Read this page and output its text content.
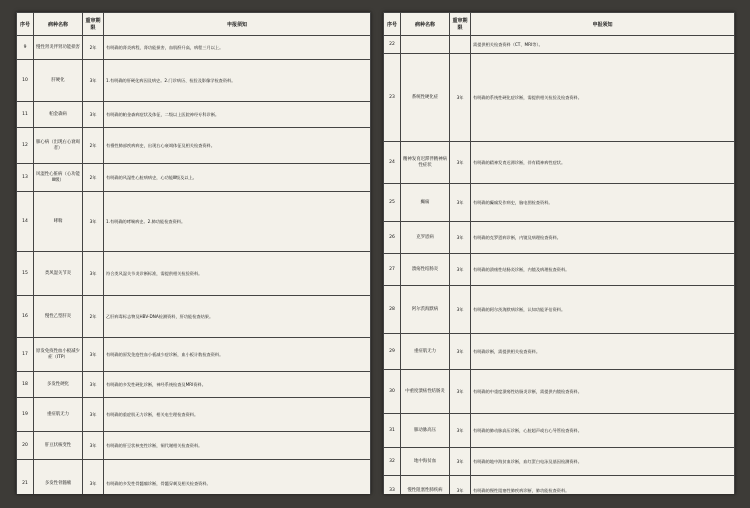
序号	病种名称	重审期限	申报须知
9	慢性肾炎伴肾功能损害	2年	有明确的肾炎病程，肾功能损害，血肌酐升高，病程三月以上。
10	肝硬化	3年	1.有明确的肝硬化病因及病史。2.门诊病历、检验及影像学检查资料。
11	帕金森病	3年	有明确的帕金森病症状及体征，二级以上医院神经专科诊断。
12	肺心病（出现右心衰竭者）	2年	有慢性肺部疾病病史，出现右心衰竭体征及相关检查资料。
13	风湿性心脏病（心功能Ⅲ级）	2年	有明确的风湿性心脏病病史，心功能Ⅲ级及以上。
14	哮喘	3年	1.有明确的哮喘病史。2.肺功能检查资料。
15	类风湿关节炎	3年	符合类风湿关节炎诊断标准，需提供相关检验资料。
16	慢性乙型肝炎	2年	乙肝病毒标志物及HBV-DNA检测资料，肝功能检查结果。
17	原发免疫性血小板减少症（ITP）	3年	有明确的原发免疫性血小板减少症诊断，血小板计数检查资料。
18	多发性硬化	3年	有明确的多发性硬化诊断，神经系统检查及MRI资料。
19	重症肌无力	3年	有明确的重症肌无力诊断，相关电生理检查资料。
20	肝豆状核变性	3年	有明确的肝豆状核变性诊断，铜代谢相关检查资料。
21	多发性骨髓瘤	3年	有明确的多发性骨髓瘤诊断，骨髓穿刺及相关检查资料。
序号	病种名称	重审期限	申报须知
22			需提供相关检查资料（CT、MRI等）。
23	系统性硬化症	3年	有明确的系统性硬化症诊断，需提供相关检验及检查资料。
24	精神发育迟滞伴精神病性症状	3年	有明确的精神发育迟滞诊断，伴有精神病性症状。
25	癫痫	3年	有明确的癫痫发作病史，脑电图检查资料。
26	克罗恩病	3年	有明确的克罗恩病诊断，内镜及病理检查资料。
27	溃疡性结肠炎	3年	有明确的溃疡性结肠炎诊断，内镜及病理检查资料。
28	阿尔茨海默病	3年	有明确的阿尔茨海默病诊断，认知功能评估资料。
29	重症肌无力	3年	有明确诊断，需提供相关检查资料。
30	中重度溃疡性结肠炎	3年	有明确的中重度溃疡性结肠炎诊断，需提供内镜检查资料。
31	肺动脉高压	3年	有明确的肺动脉高压诊断，心脏超声或右心导管检查资料。
32	地中海贫血	3年	有明确的地中海贫血诊断，血红蛋白电泳及基因检测资料。
33	慢性阻塞性肺疾病	3年	有明确的慢性阻塞性肺疾病诊断，肺功能检查资料。
